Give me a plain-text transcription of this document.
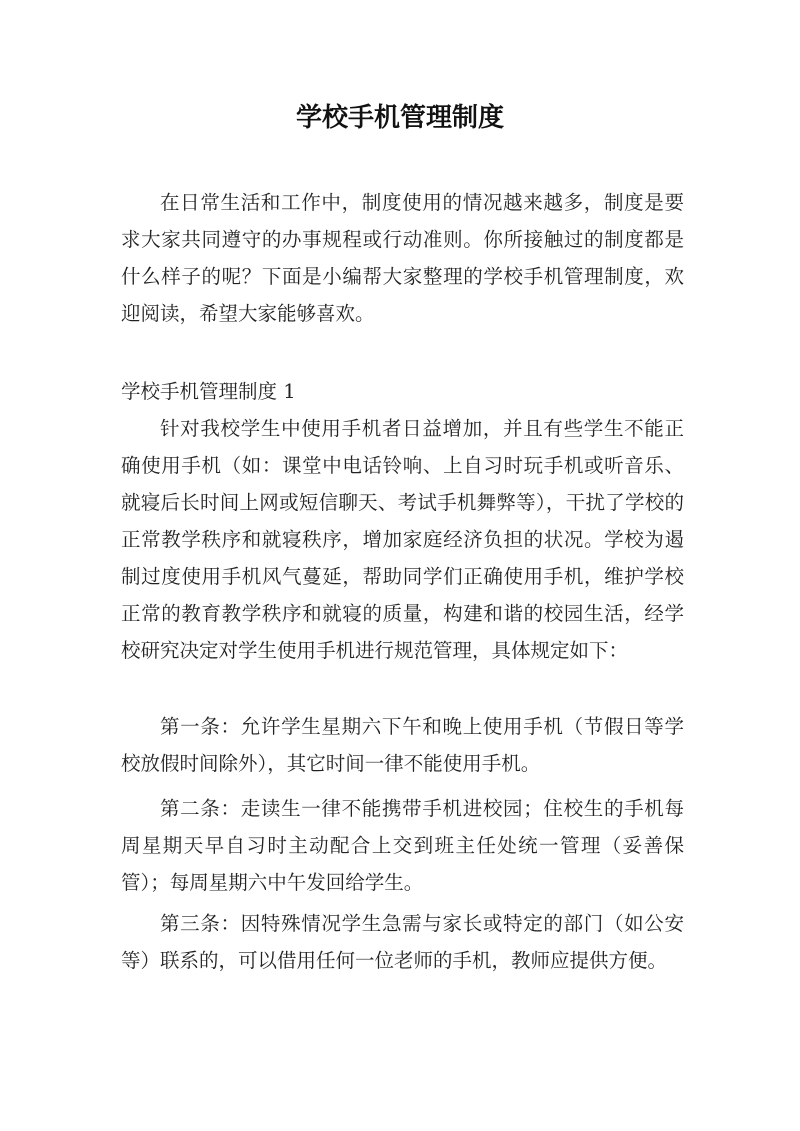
学校手机管理制度

在日常生活和工作中，制度使用的情况越来越多，制度是要求大家共同遵守的办事规程或行动准则。你所接触过的制度都是什么样子的呢？下面是小编帮大家整理的学校手机管理制度，欢迎阅读，希望大家能够喜欢。

学校手机管理制度 1

针对我校学生中使用手机者日益增加，并且有些学生不能正确使用手机（如：课堂中电话铃响、上自习时玩手机或听音乐、就寝后长时间上网或短信聊天、考试手机舞弊等），干扰了学校的正常教学秩序和就寝秩序，增加家庭经济负担的状况。学校为遏制过度使用手机风气蔓延，帮助同学们正确使用手机，维护学校正常的教育教学秩序和就寝的质量，构建和谐的校园生活，经学校研究决定对学生使用手机进行规范管理，具体规定如下：

第一条：允许学生星期六下午和晚上使用手机（节假日等学校放假时间除外），其它时间一律不能使用手机。

第二条：走读生一律不能携带手机进校园；住校生的手机每周星期天早自习时主动配合上交到班主任处统一管理（妥善保管）；每周星期六中午发回给学生。

第三条：因特殊情况学生急需与家长或特定的部门（如公安等）联系的，可以借用任何一位老师的手机，教师应提供方便。
